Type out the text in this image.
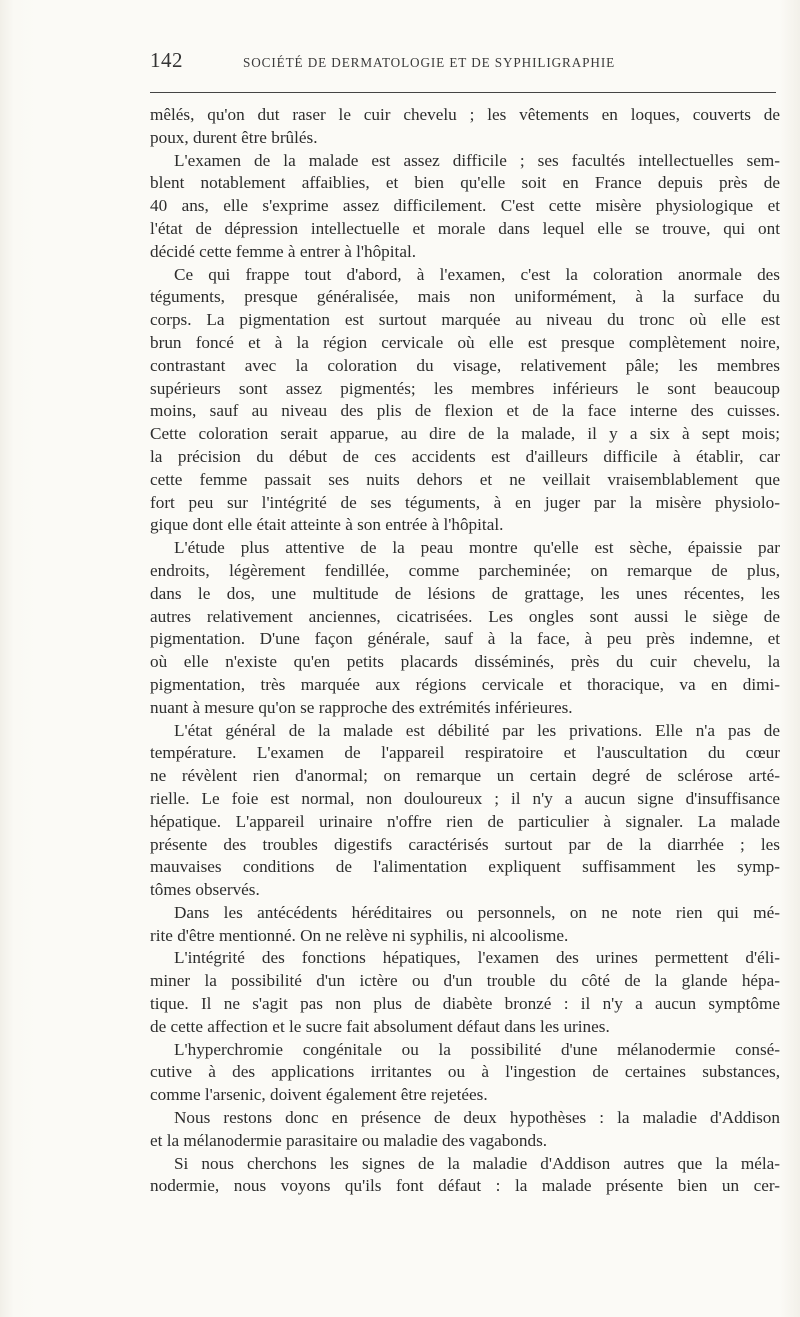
142	SOCIÉTÉ DE DERMATOLOGIE ET DE SYPHILIGRAPHIE

mêlés, qu'on dut raser le cuir chevelu ; les vêtements en loques, couverts de

poux, durent être brûlés.

L'examen de la malade est assez difficile ; ses facultés intellectuelles sem-

blent notablement affaiblies, et bien qu'elle soit en France depuis près de

40 ans, elle s'exprime assez difficilement. C'est cette misère physiologique et

l'état de dépression intellectuelle et morale dans lequel elle se trouve, qui ont

décidé cette femme à entrer à l'hôpital.

Ce qui frappe tout d'abord, à l'examen, c'est la coloration anormale des

téguments, presque généralisée, mais non uniformément, à la surface du

corps. La pigmentation est surtout marquée au niveau du tronc où elle est

brun foncé et à la région cervicale où elle est presque complètement noire,

contrastant avec la coloration du visage, relativement pâle; les membres

supérieurs sont assez pigmentés; les membres inférieurs le sont beaucoup

moins, sauf au niveau des plis de flexion et de la face interne des cuisses.

Cette coloration serait apparue, au dire de la malade, il y a six à sept mois;

la précision du début de ces accidents est d'ailleurs difficile à établir, car

cette femme passait ses nuits dehors et ne veillait vraisemblablement que

fort peu sur l'intégrité de ses téguments, à en juger par la misère physiolo-

gique dont elle était atteinte à son entrée à l'hôpital.

L'étude plus attentive de la peau montre qu'elle est sèche, épaissie par

endroits, légèrement fendillée, comme parcheminée; on remarque de plus,

dans le dos, une multitude de lésions de grattage, les unes récentes, les

autres relativement anciennes, cicatrisées. Les ongles sont aussi le siège de

pigmentation. D'une façon générale, sauf à la face, à peu près indemne, et

où elle n'existe qu'en petits placards disséminés, près du cuir chevelu, la

pigmentation, très marquée aux régions cervicale et thoracique, va en dimi-

nuant à mesure qu'on se rapproche des extrémités inférieures.

L'état général de la malade est débilité par les privations. Elle n'a pas de

température. L'examen de l'appareil respiratoire et l'auscultation du cœur

ne révèlent rien d'anormal; on remarque un certain degré de sclérose arté-

rielle. Le foie est normal, non douloureux ; il n'y a aucun signe d'insuffisance

hépatique. L'appareil urinaire n'offre rien de particulier à signaler. La malade

présente des troubles digestifs caractérisés surtout par de la diarrhée ; les

mauvaises conditions de l'alimentation expliquent suffisamment les symp-

tômes observés.

Dans les antécédents héréditaires ou personnels, on ne note rien qui mé-

rite d'être mentionné. On ne relève ni syphilis, ni alcoolisme.

L'intégrité des fonctions hépatiques, l'examen des urines permettent d'éli-

miner la possibilité d'un ictère ou d'un trouble du côté de la glande hépa-

tique. Il ne s'agit pas non plus de diabète bronzé : il n'y a aucun symptôme

de cette affection et le sucre fait absolument défaut dans les urines.

L'hyperchromie congénitale ou la possibilité d'une mélanodermie consé-

cutive à des applications irritantes ou à l'ingestion de certaines substances,

comme l'arsenic, doivent également être rejetées.

Nous restons donc en présence de deux hypothèses : la maladie d'Addison

et la mélanodermie parasitaire ou maladie des vagabonds.

Si nous cherchons les signes de la maladie d'Addison autres que la méla-

nodermie, nous voyons qu'ils font défaut : la malade présente bien un cer-
